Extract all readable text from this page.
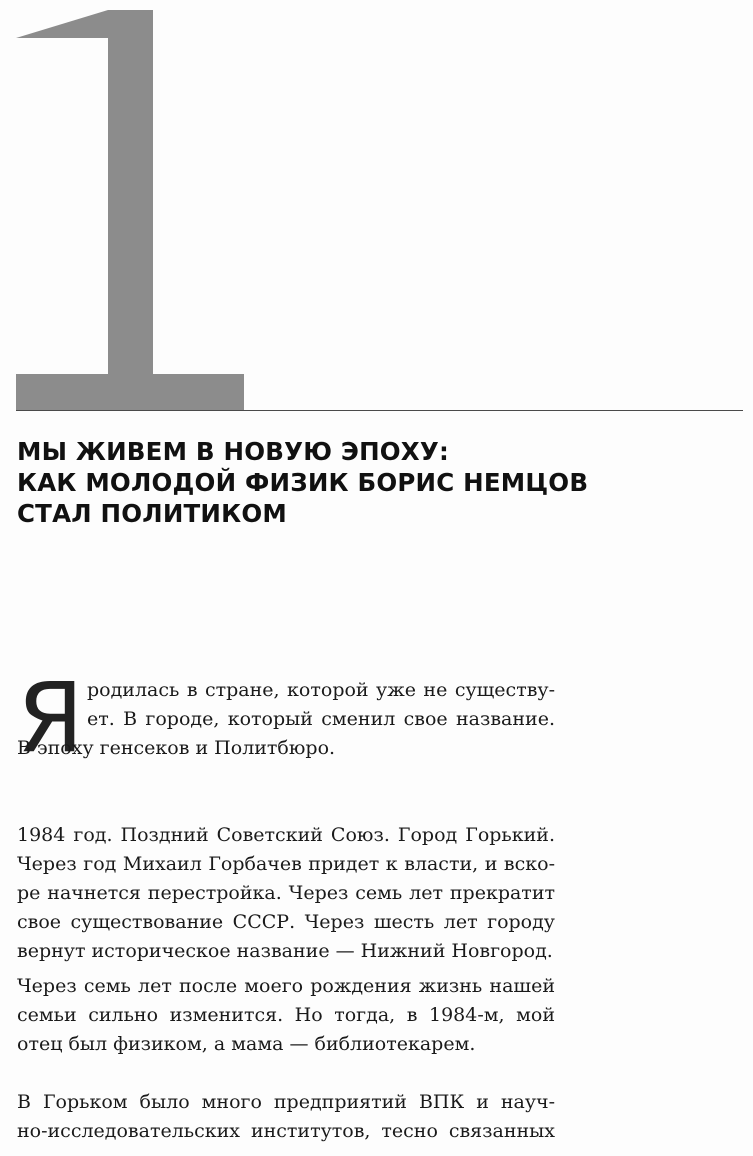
МЫ ЖИВЕМ В НОВУЮ ЭПОХУ:
КАК МОЛОДОЙ ФИЗИК БОРИС НЕМЦОВ
СТАЛ ПОЛИТИКОМ
Я родилась в стране, которой уже не существу-
ет. В городе, который сменил свое название.
В эпоху генсеков и Политбюро.
1984 год. Поздний Советский Союз. Город Горький.
Через год Михаил Горбачев придет к власти, и вско-
ре начнется перестройка. Через семь лет прекратит
свое существование СССР. Через шесть лет городу
вернут историческое название — Нижний Новгород.
Через семь лет после моего рождения жизнь нашей
семьи сильно изменится. Но тогда, в 1984-м, мой
отец был физиком, а мама — библиотекарем.
В Горьком было много предприятий ВПК и науч-
но-исследовательских институтов, тесно связанных
